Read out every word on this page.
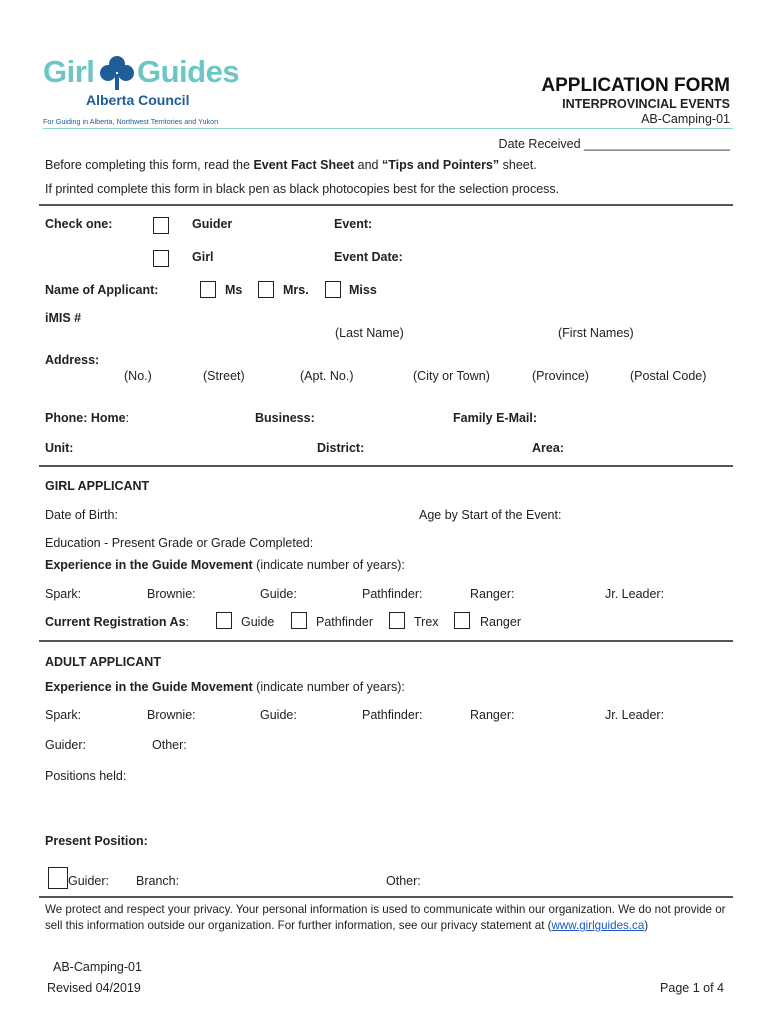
Girl Guides
Alberta Council
For Guiding in Alberta, Northwest Territories and Yukon
APPLICATION FORM
INTERPROVINCIAL EVENTS
AB-Camping-01
Date Received _____________________
Before completing this form, read the Event Fact Sheet and “Tips and Pointers” sheet.
If printed complete this form in black pen as black photocopies best for the selection process.
Check one:	Guider	Event:
Girl	Event Date:
Name of Applicant:	Ms	Mrs.	Miss
iMIS #
(Last Name)	(First Names)
Address:
(No.)	(Street)	(Apt. No.)	(City or Town)	(Province)	(Postal Code)
Phone: Home:	Business:	Family E-Mail:
Unit:	District:	Area:
GIRL APPLICANT
Date of Birth:	Age by Start of the Event:
Education - Present Grade or Grade Completed:
Experience in the Guide Movement (indicate number of years):
Spark:	Brownie:	Guide:	Pathfinder:	Ranger:	Jr. Leader:
Current Registration As:	Guide	Pathfinder	Trex	Ranger
ADULT APPLICANT
Experience in the Guide Movement (indicate number of years):
Spark:	Brownie:	Guide:	Pathfinder:	Ranger:	Jr. Leader:
Guider:	Other:
Positions held:
Present Position:
Guider: Branch:	Other:
We protect and respect your privacy. Your personal information is used to communicate within our organization. We do not provide or
sell this information outside our organization. For further information, see our privacy statement at (www.girlguides.ca)
AB-Camping-01
Revised 04/2019	Page 1 of 4
